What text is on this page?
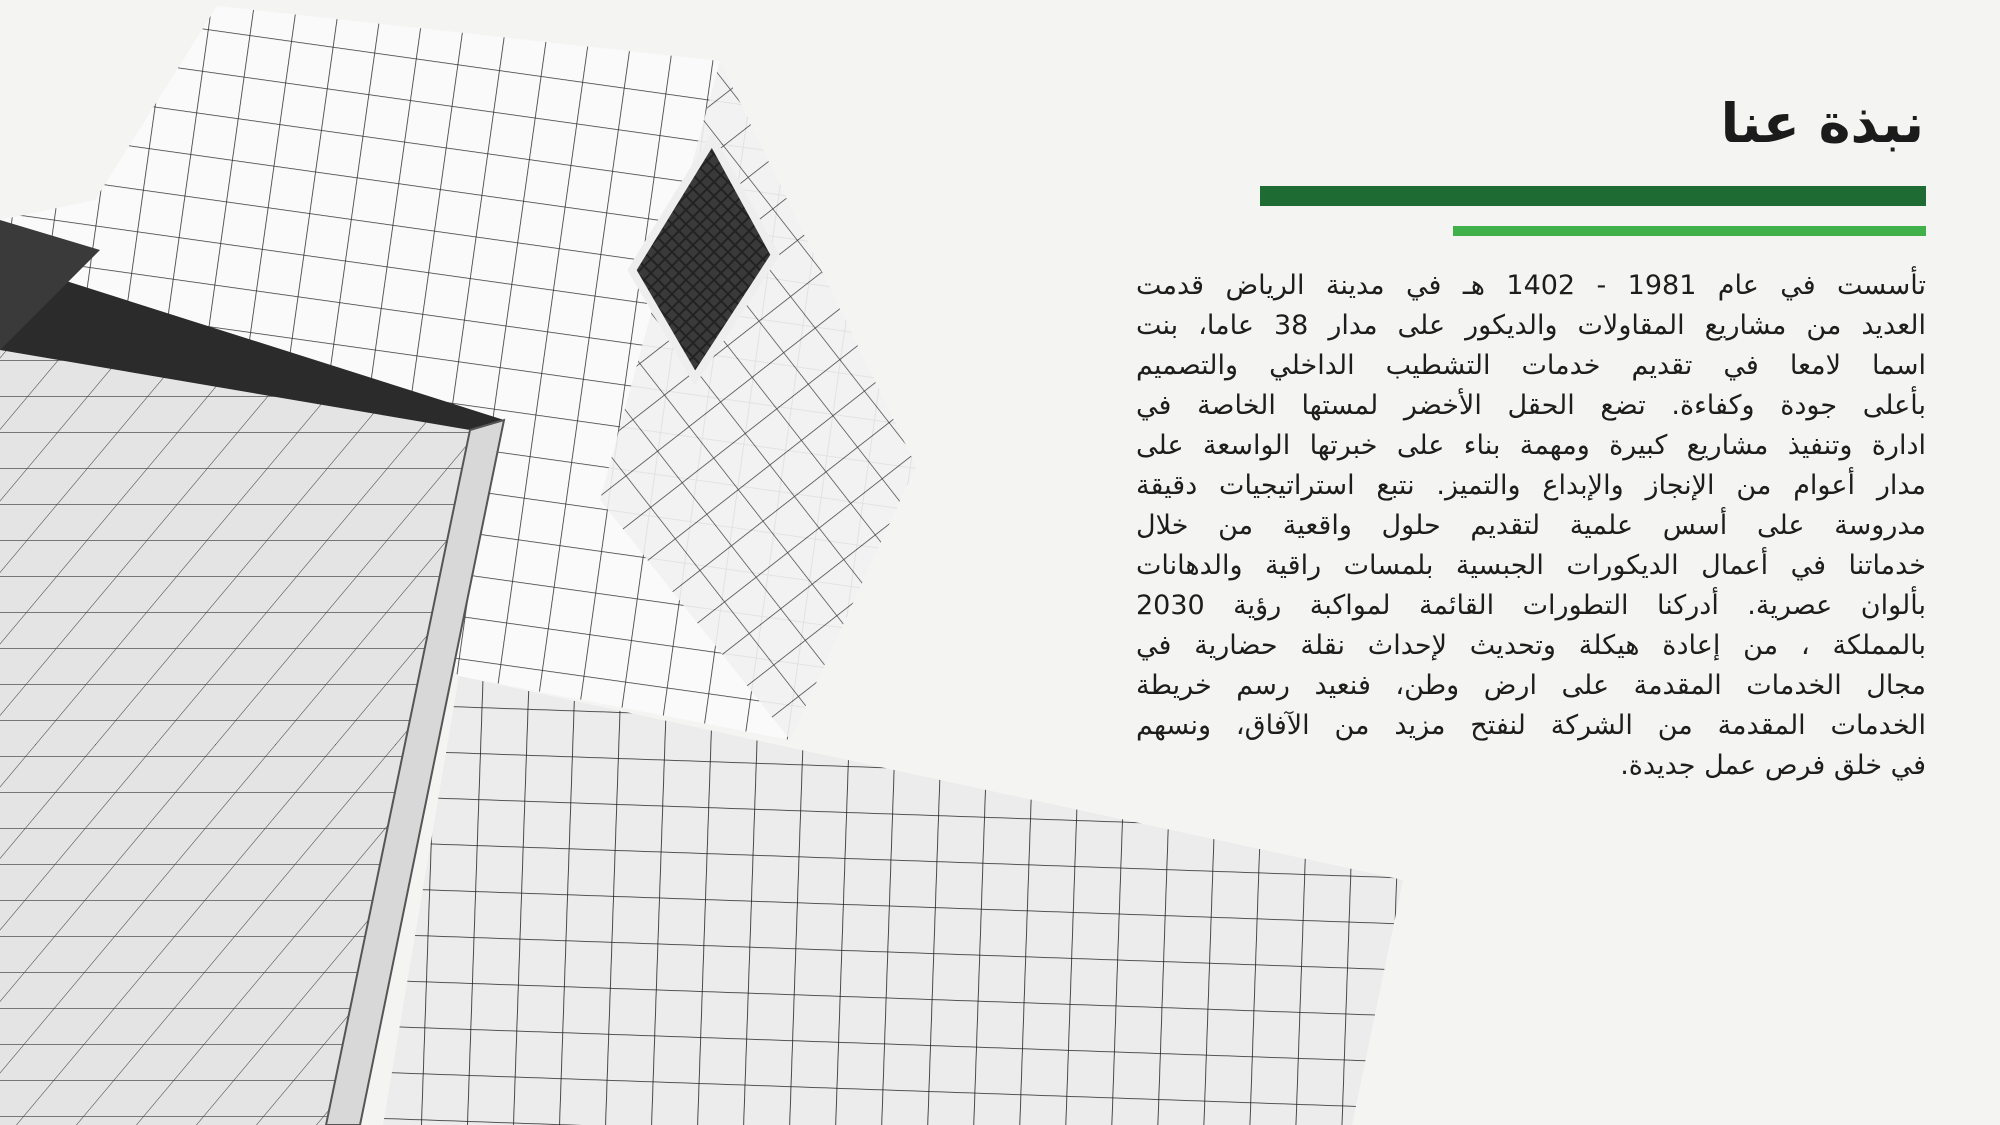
نبذة عنا
تأسست في عام 1981 - 1402 هـ في مدينة الرياض قدمت
العديد من مشاريع المقاولات والديكور على مدار 38 عاما، بنت
اسما لامعا في تقديم خدمات التشطيب الداخلي والتصميم
بأعلى جودة وكفاءة. تضع الحقل الأخضر لمستها الخاصة في
ادارة وتنفيذ مشاريع كبيرة ومهمة بناء على خبرتها الواسعة على
مدار أعوام من الإنجاز والإبداع والتميز. نتبع استراتيجيات دقيقة
مدروسة على أسس علمية لتقديم حلول واقعية من خلال
خدماتنا في أعمال الديكورات الجبسية بلمسات راقية والدهانات
بألوان عصرية. أدركنا التطورات القائمة لمواكبة رؤية 2030
بالمملكة ، من إعادة هيكلة وتحديث لإحداث نقلة حضارية في
مجال الخدمات المقدمة على ارض وطن، فنعيد رسم خريطة
الخدمات المقدمة من الشركة لنفتح مزيد من الآفاق، ونسهم
في خلق فرص عمل جديدة.
